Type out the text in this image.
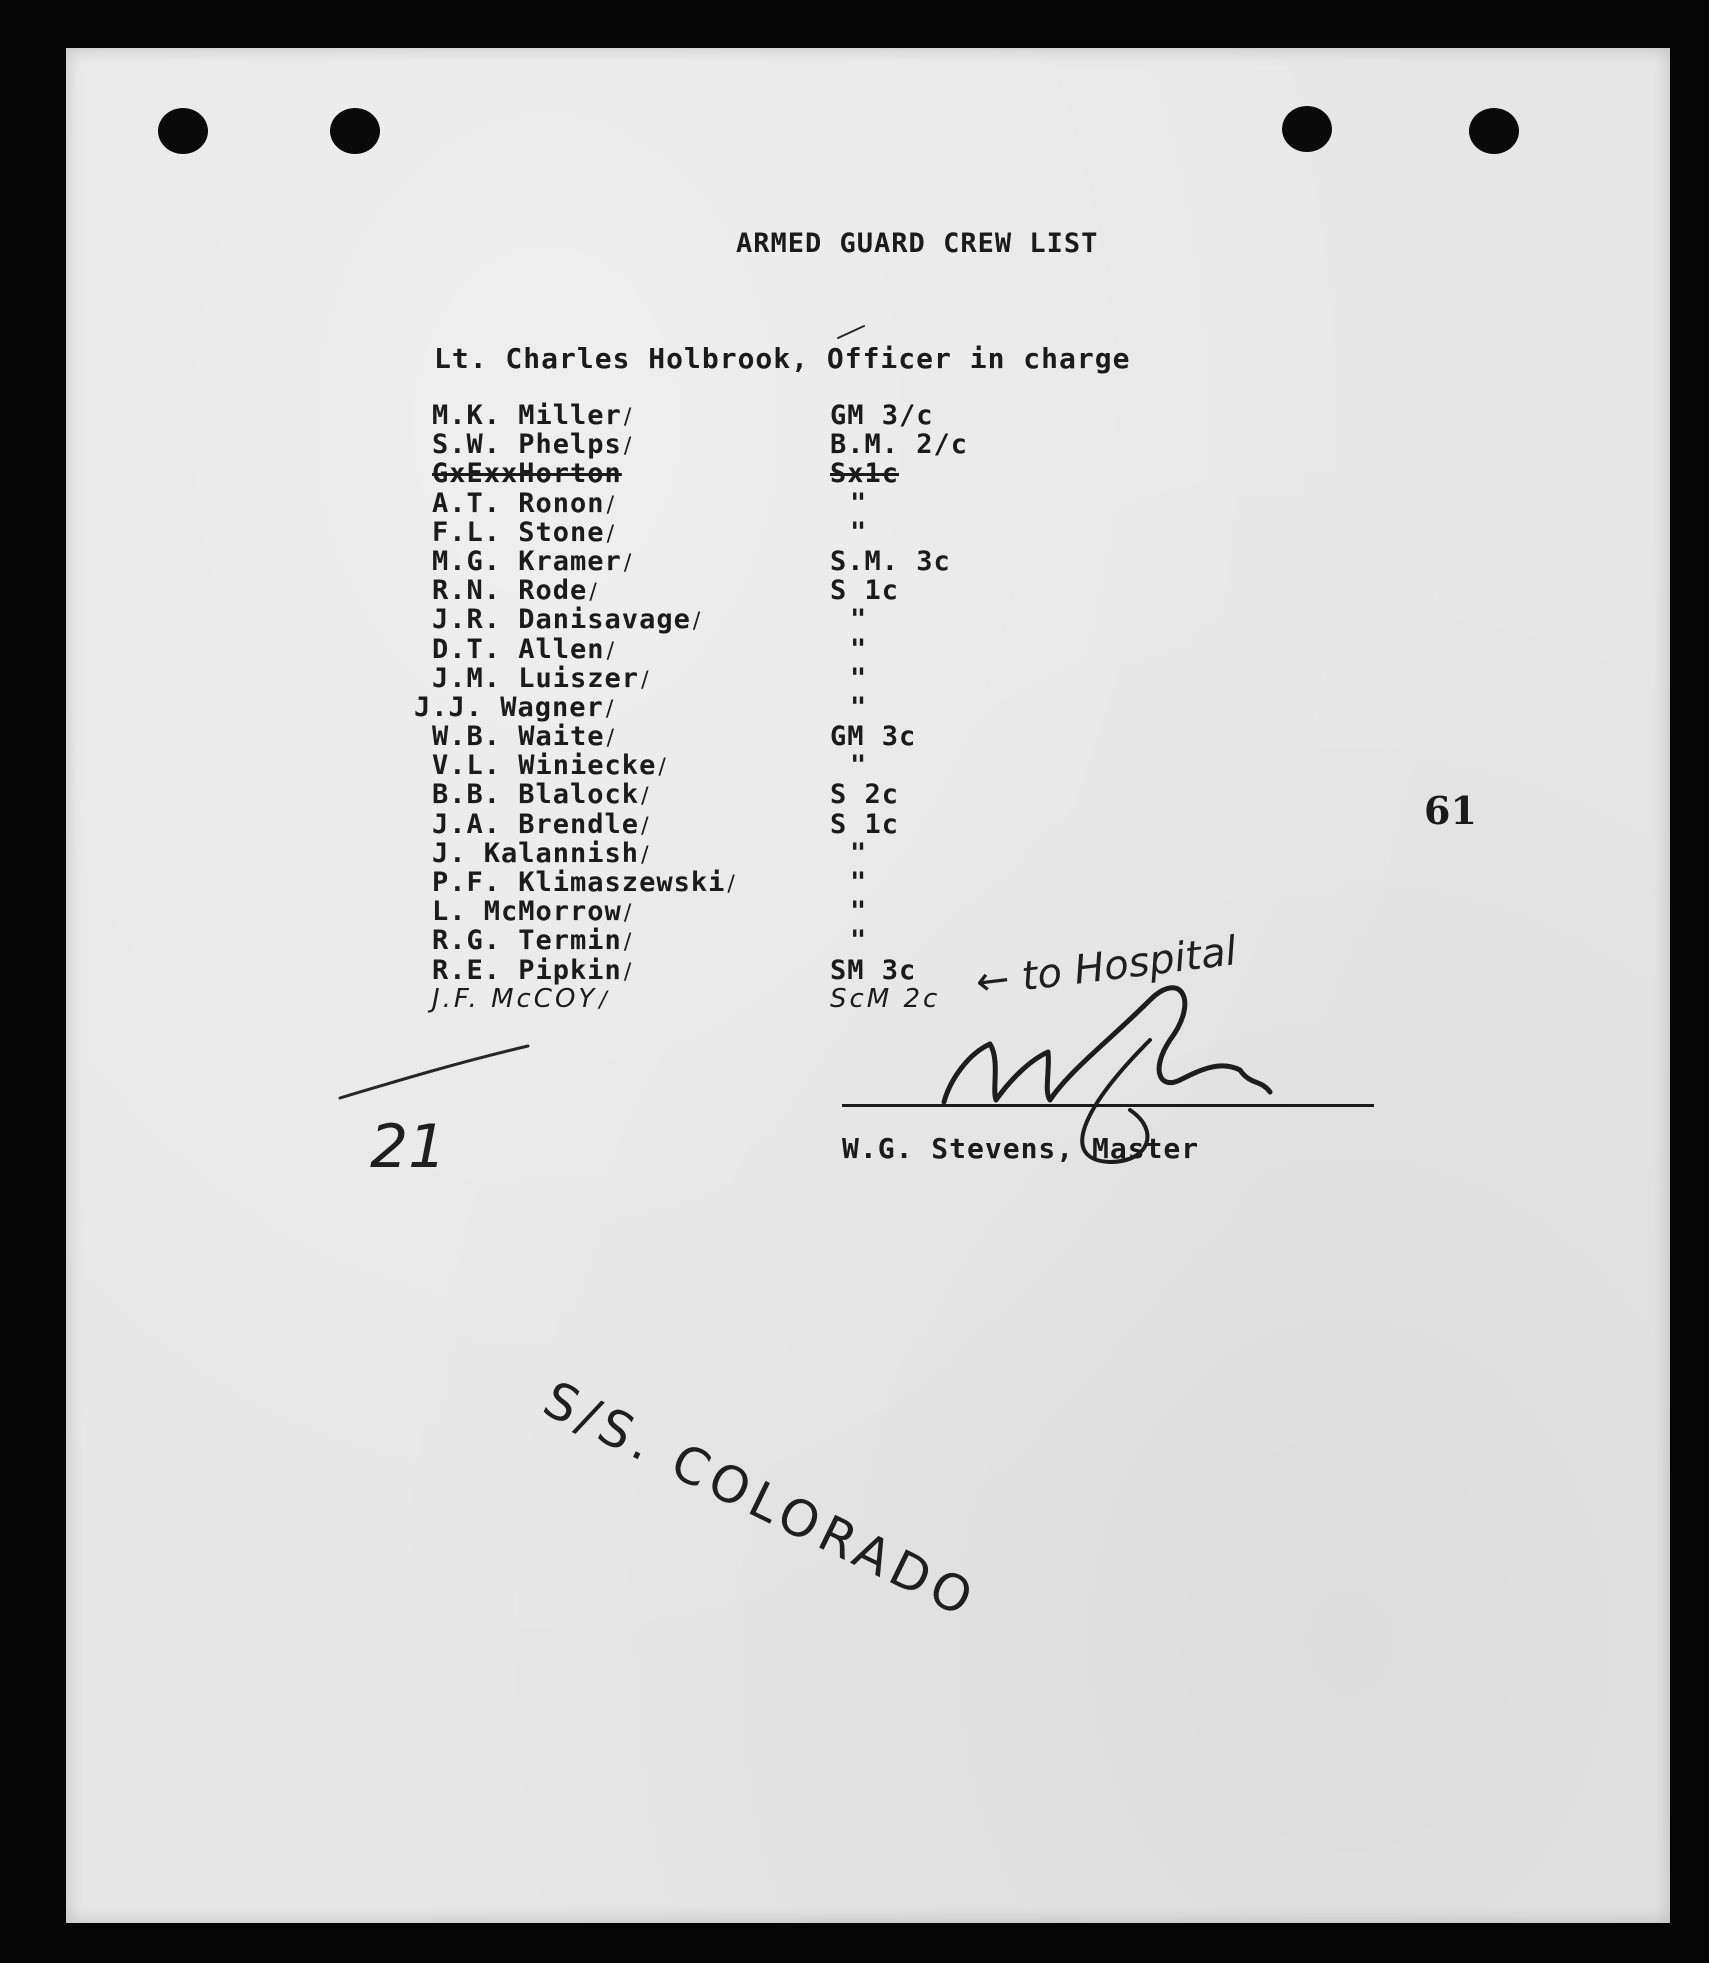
ARMED GUARD CREW LIST
Lt. Charles Holbrook, Officer in charge
M.K. Miller/	GM 3/c
S.W. Phelps/	B.M. 2/c
GxExxHorton	Sx1c
A.T. Ronon/	"
F.L. Stone/	"
M.G. Kramer/	S.M. 3c
R.N. Rode/	S 1c
J.R. Danisavage/	"
D.T. Allen/	"
J.M. Luiszer/	"
J.J. Wagner/	"
W.B. Waite/	GM 3c
V.L. Winiecke/	"
B.B. Blalock/	S 2c
J.A. Brendle/	S 1c
J. Kalannish/	"
P.F. Klimaszewski/	"
L. McMorrow/	"
R.G. Termin/	"
R.E. Pipkin/	SM 3c
J.F. McCOY/	ScM 2c
61
← to Hospital
21	W.G. Stevens, Master
S/S. COLORADO
